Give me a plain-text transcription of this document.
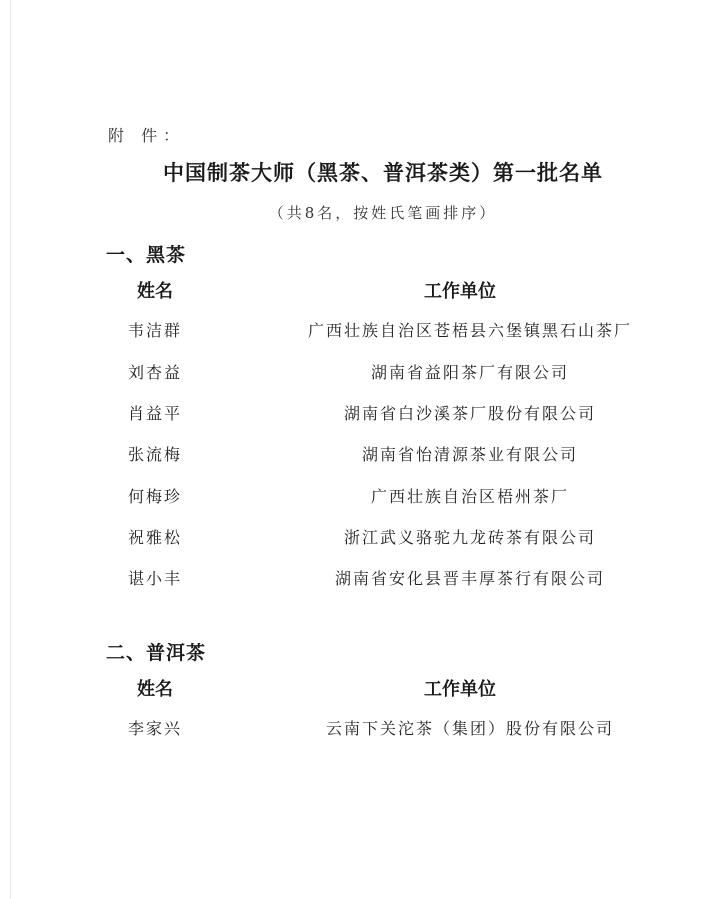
附 件：
中国制茶大师（黑茶、普洱茶类）第一批名单
（共8名，按姓氏笔画排序）
一、黑茶
姓名	工作单位
韦洁群	广西壮族自治区苍梧县六堡镇黑石山茶厂
刘杏益	湖南省益阳茶厂有限公司
肖益平	湖南省白沙溪茶厂股份有限公司
张流梅	湖南省怡清源茶业有限公司
何梅珍	广西壮族自治区梧州茶厂
祝雅松	浙江武义骆驼九龙砖茶有限公司
谌小丰	湖南省安化县晋丰厚茶行有限公司
二、普洱茶
姓名	工作单位
李家兴	云南下关沱茶（集团）股份有限公司
